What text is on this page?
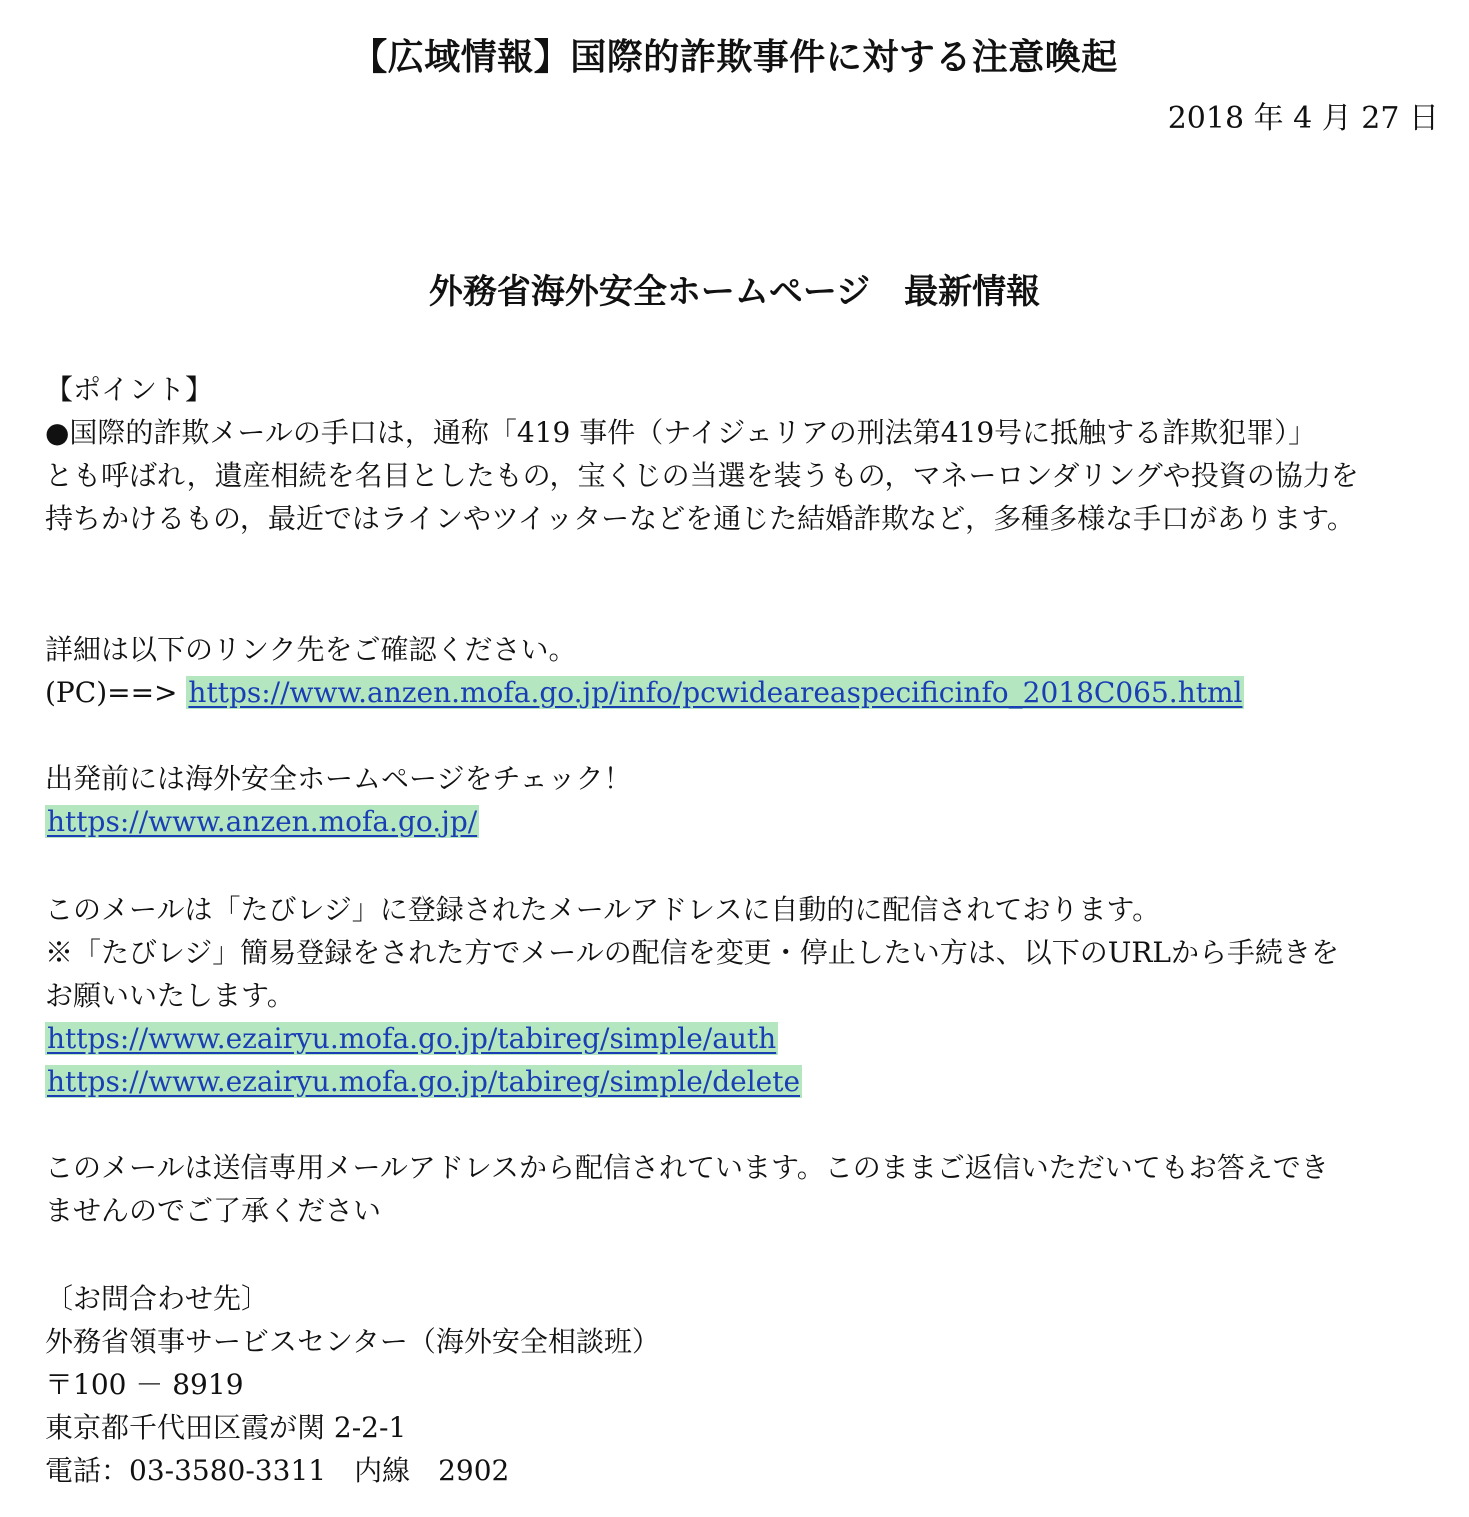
【広域情報】国際的詐欺事件に対する注意喚起
2018 年 4 月 27 日
外務省海外安全ホームページ　最新情報
【ポイント】
●国際的詐欺メールの手口は，通称「419 事件（ナイジェリアの刑法第419号に抵触する詐欺犯罪）」
とも呼ばれ，遺産相続を名目としたもの，宝くじの当選を装うもの，マネーロンダリングや投資の協力を
持ちかけるもの，最近ではラインやツイッターなどを通じた結婚詐欺など，多種多様な手口があります。
詳細は以下のリンク先をご確認ください。
(PC)==> https://www.anzen.mofa.go.jp/info/pcwideareaspecificinfo_2018C065.html
出発前には海外安全ホームページをチェック！
https://www.anzen.mofa.go.jp/
このメールは「たびレジ」に登録されたメールアドレスに自動的に配信されております。
※「たびレジ」簡易登録をされた方でメールの配信を変更・停止したい方は、以下のURLから手続きを
お願いいたします。
https://www.ezairyu.mofa.go.jp/tabireg/simple/auth
https://www.ezairyu.mofa.go.jp/tabireg/simple/delete
このメールは送信専用メールアドレスから配信されています。このままご返信いただいてもお答えでき
ませんのでご了承ください
〔お問合わせ先〕
外務省領事サービスセンター（海外安全相談班）
〒100 － 8919
東京都千代田区霞が関 2-2-1
電話：03-3580-3311　内線　2902
